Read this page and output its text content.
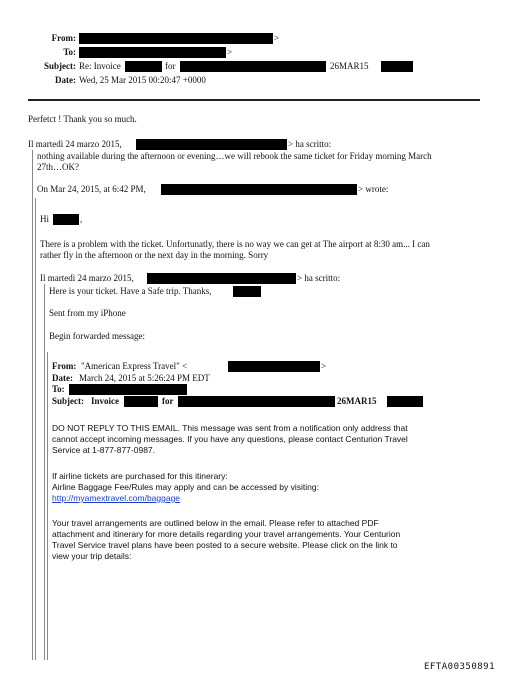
From:	>
To:	>
Subject: Re: Invoice	for	26MAR15
Date: Wed, 25 Mar 2015 00:20:47 +0000
Perfetct ! Thank you so much.
Il martedì 24 marzo 2015,	> ha scritto:
nothing available during the afternoon or evening…we will rebook the same ticket for Friday morning March
27th…OK?
On Mar 24, 2015, at 6:42 PM,	> wrote:
Hi	,
There is a problem with the ticket. Unfortunatly, there is no way we can get at The airport at 8:30 am... I can
rather fly in the afternoon or the next day in the morning. Sorry
Il martedì 24 marzo 2015,	> ha scritto:
Here is your ticket. Have a Safe trip. Thanks,
Sent from my iPhone
Begin forwarded message:
From: "American Express Travel" <	>
Date: March 24, 2015 at 5:26:24 PM EDT
To:
Subject: Invoice	for	26MAR15
DO NOT REPLY TO THIS EMAIL. This message was sent from a notification only address that
cannot accept incoming messages. If you have any questions, please contact Centurion Travel
Service at 1-877-877-0987.
If airline tickets are purchased for this itinerary:
Airline Baggage Fee/Rules may apply and can be accessed by visiting:
http://myamextravel.com/baggage
Your travel arrangements are outlined below in the email. Please refer to attached PDF
attachment and itinerary for more details regarding your travel arrangements. Your Centurion
Travel Service travel plans have been posted to a secure website. Please click on the link to
view your trip details:
EFTA00350891
